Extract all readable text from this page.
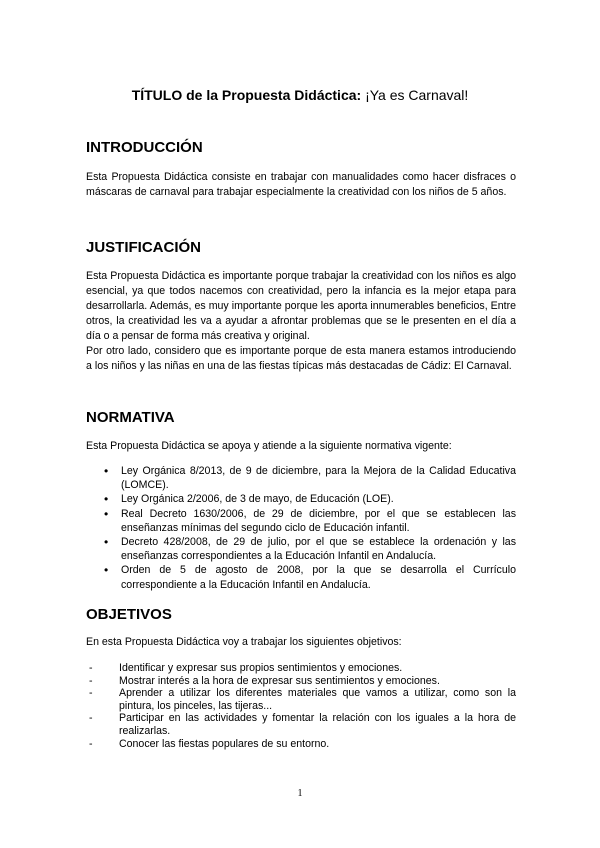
TÍTULO de la Propuesta Didáctica: ¡Ya es Carnaval!
INTRODUCCIÓN

Esta Propuesta Didáctica consiste en trabajar con manualidades como hacer disfraces o máscaras de carnaval para trabajar especialmente la creatividad con los niños de 5 años.

JUSTIFICACIÓN

Esta Propuesta Didáctica es importante porque trabajar la creatividad con los niños es algo esencial, ya que todos nacemos con creatividad, pero la infancia es la mejor etapa para desarrollarla. Además, es muy importante porque les aporta innumerables beneficios, Entre otros, la creatividad les va a ayudar a afrontar problemas que se le presenten en el día a día o a pensar de forma más creativa y original.

Por otro lado, considero que es importante porque de esta manera estamos introduciendo a los niños y las niñas en una de las fiestas típicas más destacadas de Cádiz: El Carnaval.

NORMATIVA

Esta Propuesta Didáctica se apoya y atiende a la siguiente normativa vigente:

• Ley Orgánica 8/2013, de 9 de diciembre, para la Mejora de la Calidad Educativa (LOMCE).
• Ley Orgánica 2/2006, de 3 de mayo, de Educación (LOE).
• Real Decreto 1630/2006, de 29 de diciembre, por el que se establecen las enseñanzas mínimas del segundo ciclo de Educación infantil.
• Decreto 428/2008, de 29 de julio, por el que se establece la ordenación y las enseñanzas correspondientes a la Educación Infantil en Andalucía.
• Orden de 5 de agosto de 2008, por la que se desarrolla el Currículo correspondiente a la Educación Infantil en Andalucía.
OBJETIVOS

En esta Propuesta Didáctica voy a trabajar los siguientes objetivos:

- Identificar y expresar sus propios sentimientos y emociones.
- Mostrar interés a la hora de expresar sus sentimientos y emociones.
- Aprender a utilizar los diferentes materiales que vamos a utilizar, como son la pintura, los pinceles, las tijeras...
- Participar en las actividades y fomentar la relación con los iguales a la hora de realizarlas.
- Conocer las fiestas populares de su entorno.
1
